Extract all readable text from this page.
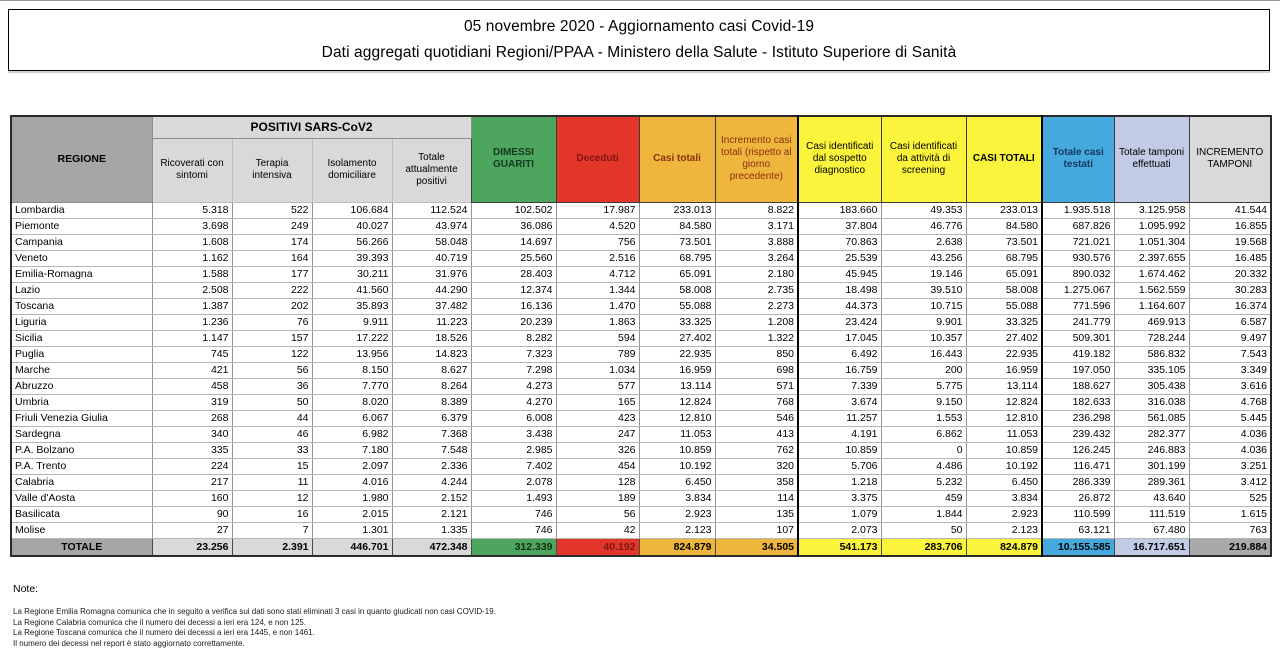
05 novembre 2020 - Aggiornamento casi Covid-19
Dati aggregati quotidiani Regioni/PPAA - Ministero della Salute - Istituto Superiore di Sanità
REGIONE	POSITIVI SARS-CoV2				DIMESSI GUARITI	Deceduti	Casi totali	Incremento casi totali (rispetto al giorno precedente)	Casi identificati dal sospetto diagnostico	Casi identificati da attività di screening	CASI TOTALI	Totale casi testati	Totale tamponi effettuati	INCREMENTO TAMPONI
	Ricoverati con sintomi	Terapia intensiva	Isolamento domiciliare	Totale attualmente positivi										
Lombardia	5.318	522	106.684	112.524	102.502	17.987	233.013	8.822	183.660	49.353	233.013	1.935.518	3.125.958	41.544
Piemonte	3.698	249	40.027	43.974	36.086	4.520	84.580	3.171	37.804	46.776	84.580	687.826	1.095.992	16.855
Campania	1.608	174	56.266	58.048	14.697	756	73.501	3.888	70.863	2.638	73.501	721.021	1.051.304	19.568
Veneto	1.162	164	39.393	40.719	25.560	2.516	68.795	3.264	25.539	43.256	68.795	930.576	2.397.655	16.485
Emilia-Romagna	1.588	177	30.211	31.976	28.403	4.712	65.091	2.180	45.945	19.146	65.091	890.032	1.674.462	20.332
Lazio	2.508	222	41.560	44.290	12.374	1.344	58.008	2.735	18.498	39.510	58.008	1.275.067	1.562.559	30.283
Toscana	1.387	202	35.893	37.482	16.136	1.470	55.088	2.273	44.373	10.715	55.088	771.596	1.164.607	16.374
Liguria	1.236	76	9.911	11.223	20.239	1.863	33.325	1.208	23.424	9.901	33.325	241.779	469.913	6.587
Sicilia	1.147	157	17.222	18.526	8.282	594	27.402	1.322	17.045	10.357	27.402	509.301	728.244	9.497
Puglia	745	122	13.956	14.823	7.323	789	22.935	850	6.492	16.443	22.935	419.182	586.832	7.543
Marche	421	56	8.150	8.627	7.298	1.034	16.959	698	16.759	200	16.959	197.050	335.105	3.349
Abruzzo	458	36	7.770	8.264	4.273	577	13.114	571	7.339	5.775	13.114	188.627	305.438	3.616
Umbria	319	50	8.020	8.389	4.270	165	12.824	768	3.674	9.150	12.824	182.633	316.038	4.768
Friuli Venezia Giulia	268	44	6.067	6.379	6.008	423	12.810	546	11.257	1.553	12.810	236.298	561.085	5.445
Sardegna	340	46	6.982	7.368	3.438	247	11.053	413	4.191	6.862	11.053	239.432	282.377	4.036
P.A. Bolzano	335	33	7.180	7.548	2.985	326	10.859	762	10.859	0	10.859	126.245	246.883	4.036
P.A. Trento	224	15	2.097	2.336	7.402	454	10.192	320	5.706	4.486	10.192	116.471	301.199	3.251
Calabria	217	11	4.016	4.244	2.078	128	6.450	358	1.218	5.232	6.450	286.339	289.361	3.412
Valle d'Aosta	160	12	1.980	2.152	1.493	189	3.834	114	3.375	459	3.834	26.872	43.640	525
Basilicata	90	16	2.015	2.121	746	56	2.923	135	1.079	1.844	2.923	110.599	111.519	1.615
Molise	27	7	1.301	1.335	746	42	2.123	107	2.073	50	2.123	63.121	67.480	763
TOTALE	23.256	2.391	446.701	472.348	312.339	40.192	824.879	34.505	541.173	283.706	824.879	10.155.585	16.717.651	219.884
Note:
La Regione Emilia Romagna comunica che in seguito a verifica sui dati sono stati eliminati 3 casi in quanto giudicati non casi COVID-19.
La Regione Calabria comunica che il numero dei decessi a ieri era 124, e non 125.
La Regione Toscana comunica che il numero dei decessi a ieri era 1445, e non 1461.
Il numero dei decessi nel report è stato aggiornato correttamente.
